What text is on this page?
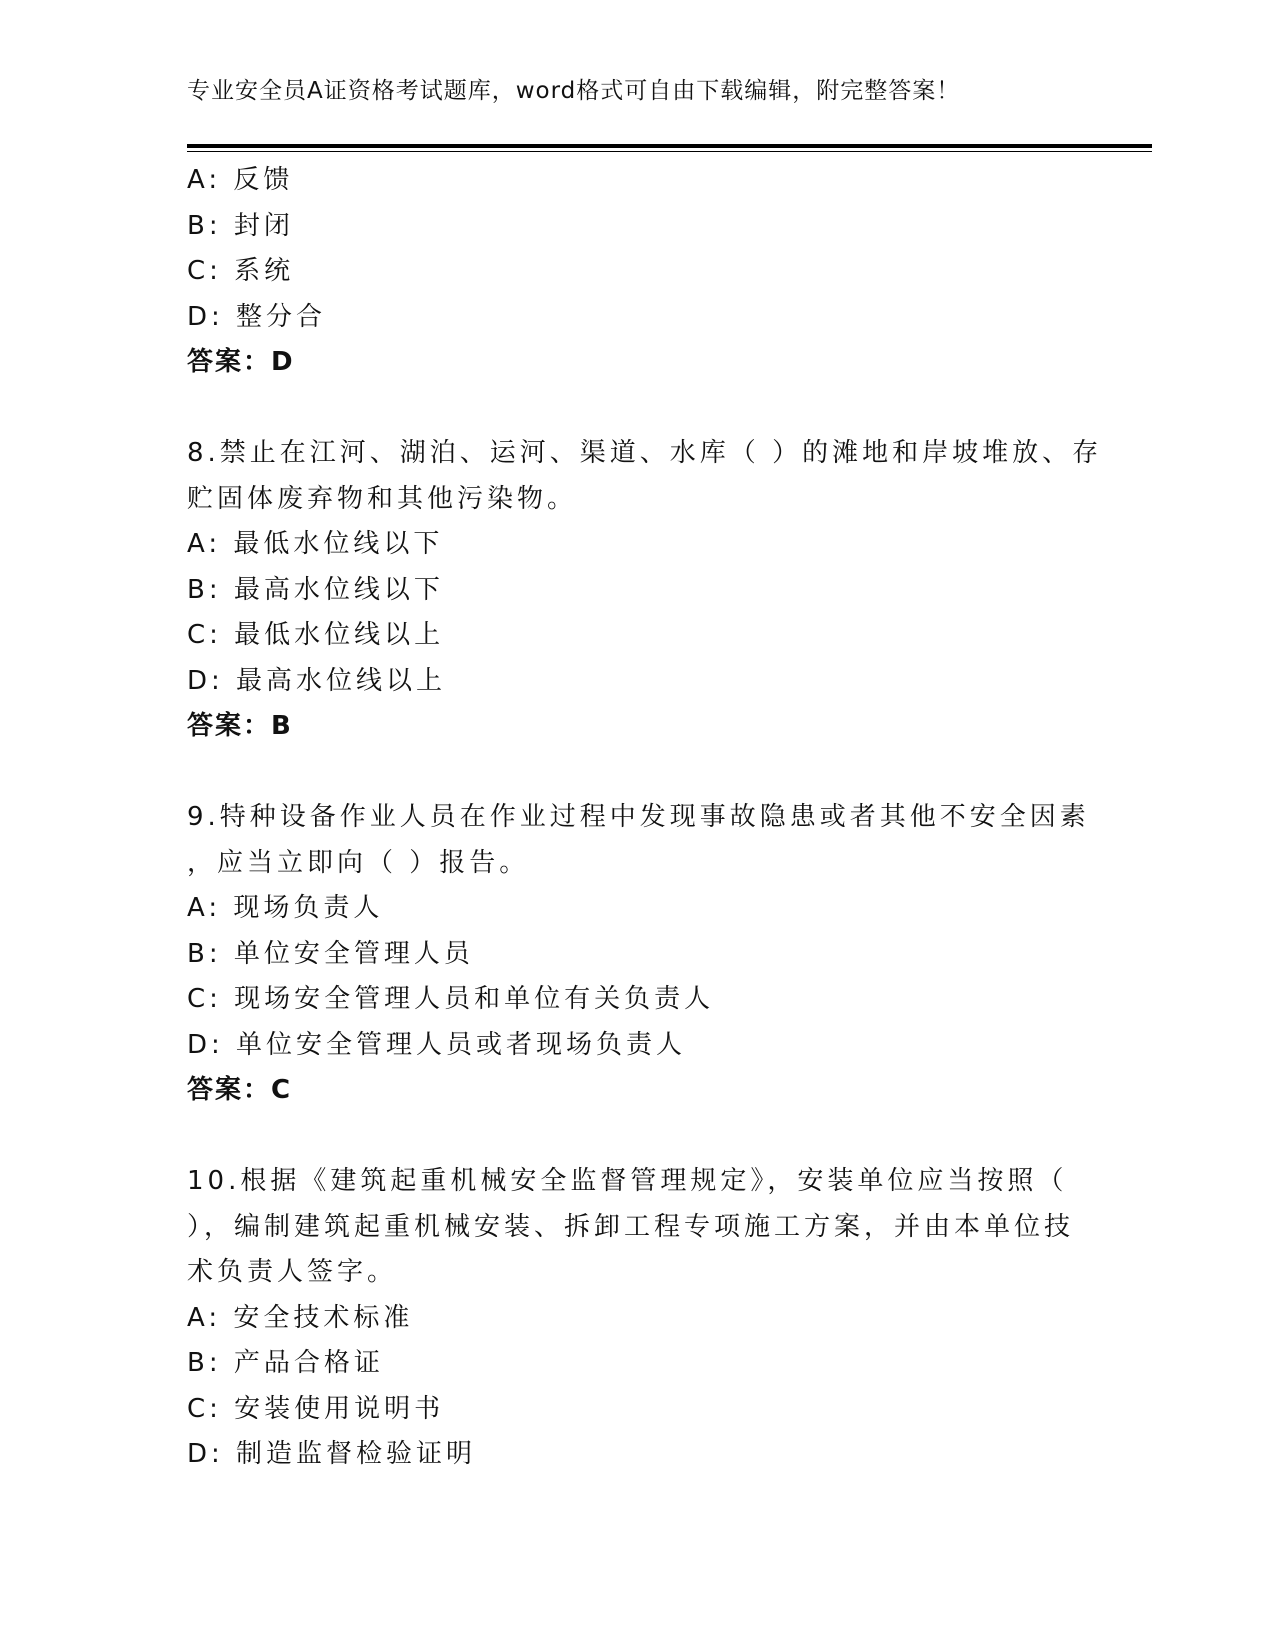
专业安全员A证资格考试题库，word格式可自由下载编辑，附完整答案！
A: 反馈
B: 封闭
C: 系统
D: 整分合
答案：D
8.禁止在江河、湖泊、运河、渠道、水库（ ）的滩地和岸坡堆放、存
贮固体废弃物和其他污染物。
A: 最低水位线以下
B: 最高水位线以下
C: 最低水位线以上
D: 最高水位线以上
答案：B
9.特种设备作业人员在作业过程中发现事故隐患或者其他不安全因素
，应当立即向（ ）报告。
A: 现场负责人
B: 单位安全管理人员
C: 现场安全管理人员和单位有关负责人
D: 单位安全管理人员或者现场负责人
答案：C
10.根据《建筑起重机械安全监督管理规定》，安装单位应当按照（
），编制建筑起重机械安装、拆卸工程专项施工方案，并由本单位技
术负责人签字。
A: 安全技术标准
B: 产品合格证
C: 安装使用说明书
D: 制造监督检验证明
